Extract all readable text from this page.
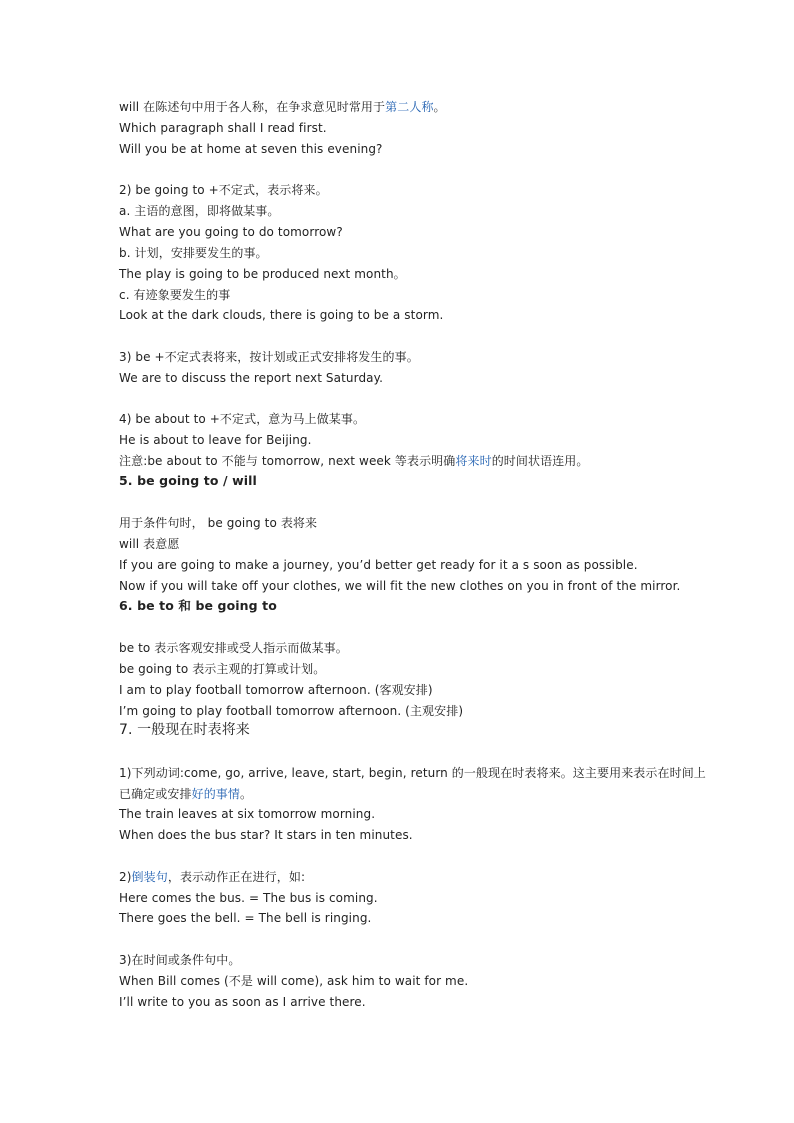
will 在陈述句中用于各人称，在争求意见时常用于第二人称。
Which paragraph shall I read first.
Will you be at home at seven this evening?
2) be going to +不定式，表示将来。
a. 主语的意图，即将做某事。
What are you going to do tomorrow?
b. 计划，安排要发生的事。
The play is going to be produced next month。
c. 有迹象要发生的事
Look at the dark clouds, there is going to be a storm.
3) be +不定式表将来，按计划或正式安排将发生的事。
We are to discuss the report next Saturday.
4) be about to +不定式，意为马上做某事。
He is about to leave for Beijing.
注意:be about to 不能与 tomorrow, next week 等表示明确将来时的时间状语连用。
5. be going to / will
用于条件句时， be going to 表将来
will 表意愿
If you are going to make a journey, you’d better get ready for it a s soon as possible.
Now if you will take off your clothes, we will fit the new clothes on you in front of the mirror.
6. be to 和 be going to
be to 表示客观安排或受人指示而做某事。
be going to 表示主观的打算或计划。
I am to play football tomorrow afternoon. (客观安排)
I’m going to play football tomorrow afternoon. (主观安排)
7. 一般现在时表将来
1)下列动词:come, go, arrive, leave, start, begin, return 的一般现在时表将来。这主要用来表示在时间上
已确定或安排好的事情。
The train leaves at six tomorrow morning.
When does the bus star? It stars in ten minutes.
2)倒装句，表示动作正在进行，如:
Here comes the bus. = The bus is coming.
There goes the bell. = The bell is ringing.
3)在时间或条件句中。
When Bill comes (不是 will come), ask him to wait for me.
I’ll write to you as soon as I arrive there.
